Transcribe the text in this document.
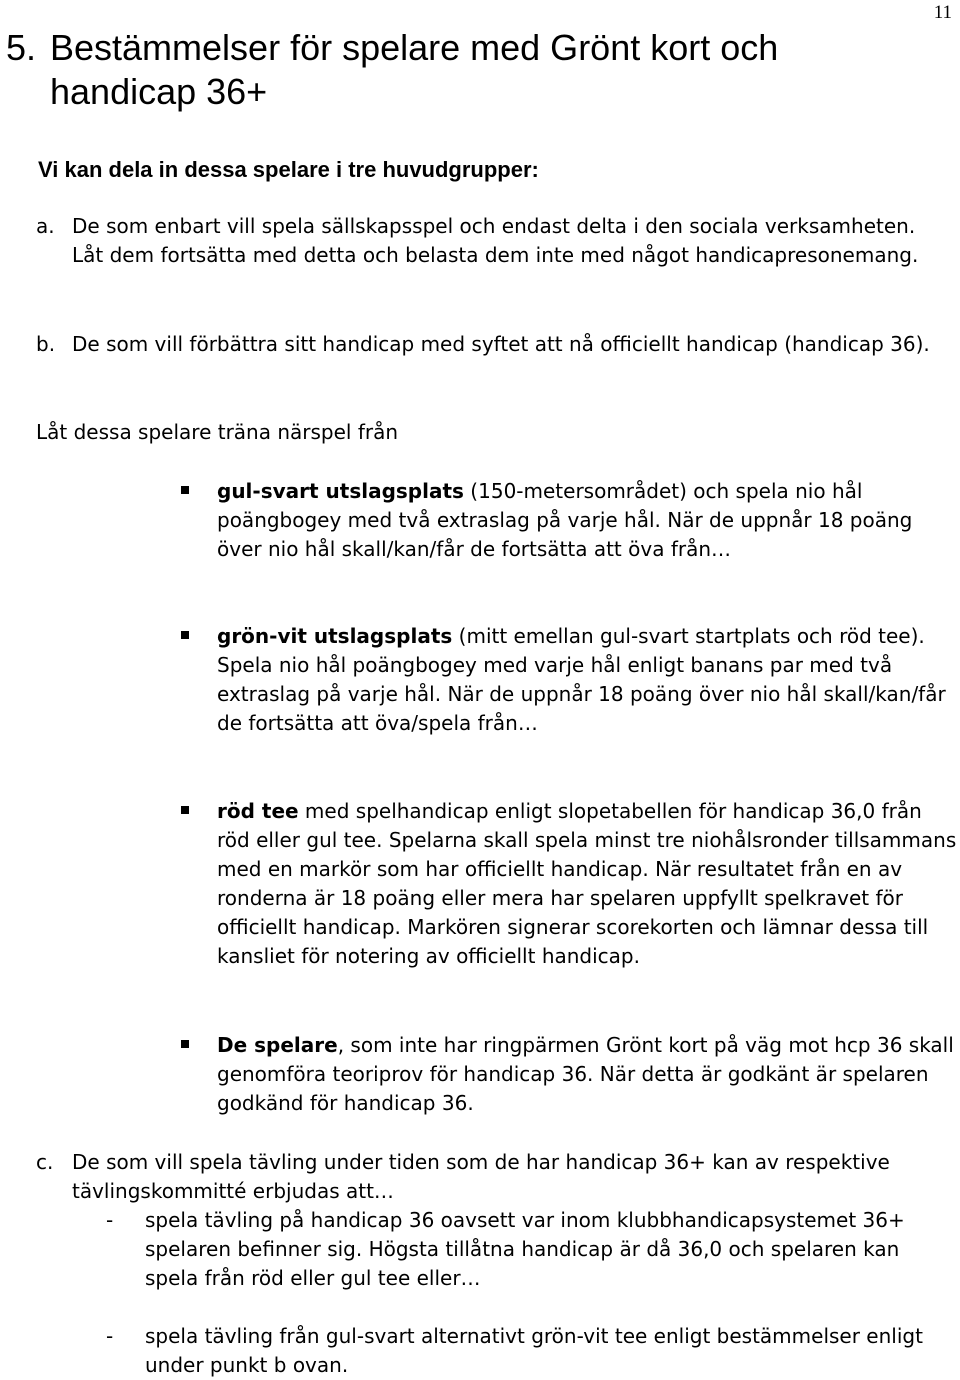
11
5. Bestämmelser för spelare med Grönt kort och handicap 36+

Vi kan dela in dessa spelare i tre huvudgrupper:

a. De som enbart vill spela sällskapsspel och endast delta i den sociala verksamheten. Låt dem fortsätta med detta och belasta dem inte med något handicapresonemang.
b. De som vill förbättra sitt handicap med syftet att nå officiellt handicap (handicap 36).
Låt dessa spelare träna närspel från
gul-svart utslagsplats (150-metersområdet) och spela nio hål poängbogey med två extraslag på varje hål. När de uppnår 18 poäng över nio hål skall/kan/får de fortsätta att öva från…
grön-vit utslagsplats (mitt emellan gul-svart startplats och röd tee). Spela nio hål poängbogey med varje hål enligt banans par med två extraslag på varje hål. När de uppnår 18 poäng över nio hål skall/kan/får de fortsätta att öva/spela från…
röd tee med spelhandicap enligt slopetabellen för handicap 36,0 från röd eller gul tee. Spelarna skall spela minst tre niohålsronder tillsammans med en markör som har officiellt handicap. När resultatet från en av ronderna är 18 poäng eller mera har spelaren uppfyllt spelkravet för officiellt handicap. Markören signerar scorekorten och lämnar dessa till kansliet för notering av officiellt handicap.
De spelare, som inte har ringpärmen Grönt kort på väg mot hcp 36 skall genomföra teoriprov för handicap 36. När detta är godkänt är spelaren godkänd för handicap 36.
c. De som vill spela tävling under tiden som de har handicap 36+ kan av respektive tävlingskommitté erbjudas att…
- spela tävling på handicap 36 oavsett var inom klubbhandicapsystemet 36+ spelaren befinner sig. Högsta tillåtna handicap är då 36,0 och spelaren kan spela från röd eller gul tee eller…
- spela tävling från gul-svart alternativt grön-vit tee enligt bestämmelser enligt under punkt b ovan.
